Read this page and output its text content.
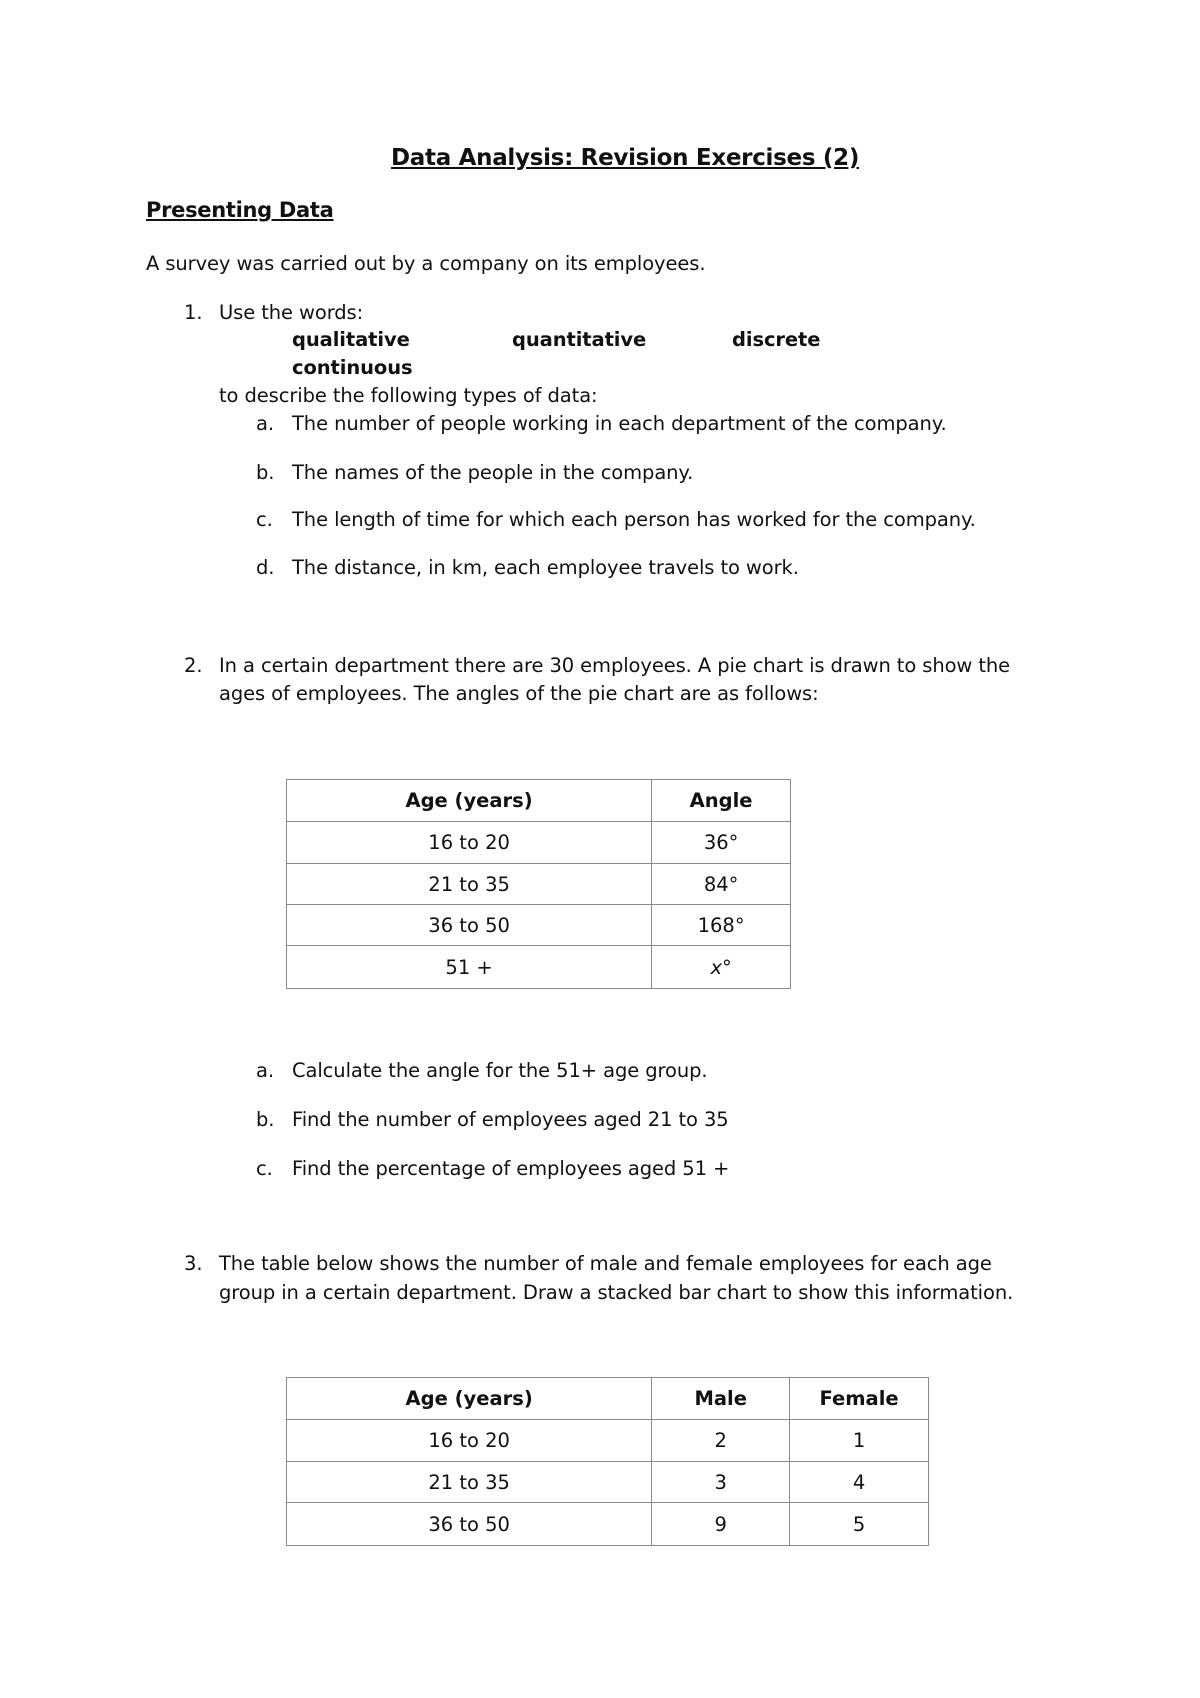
Data Analysis: Revision Exercises (2)
Presenting Data
A survey was carried out by a company on its employees.
1. Use the words:
qualitative	quantitative	discrete
continuous
to describe the following types of data:
a. The number of people working in each department of the company.
b. The names of the people in the company.
c. The length of time for which each person has worked for the company.
d. The distance, in km, each employee travels to work.
2. In a certain department there are 30 employees. A pie chart is drawn to show the
ages of employees. The angles of the pie chart are as follows:
Age (years)	Angle
16 to 20	36°
21 to 35	84°
36 to 50	168°
51 +	x°
a. Calculate the angle for the 51+ age group.
b. Find the number of employees aged 21 to 35
c. Find the percentage of employees aged 51 +
3. The table below shows the number of male and female employees for each age
group in a certain department. Draw a stacked bar chart to show this information.
Age (years)	Male	Female
16 to 20	2	1
21 to 35	3	4
36 to 50	9	5
